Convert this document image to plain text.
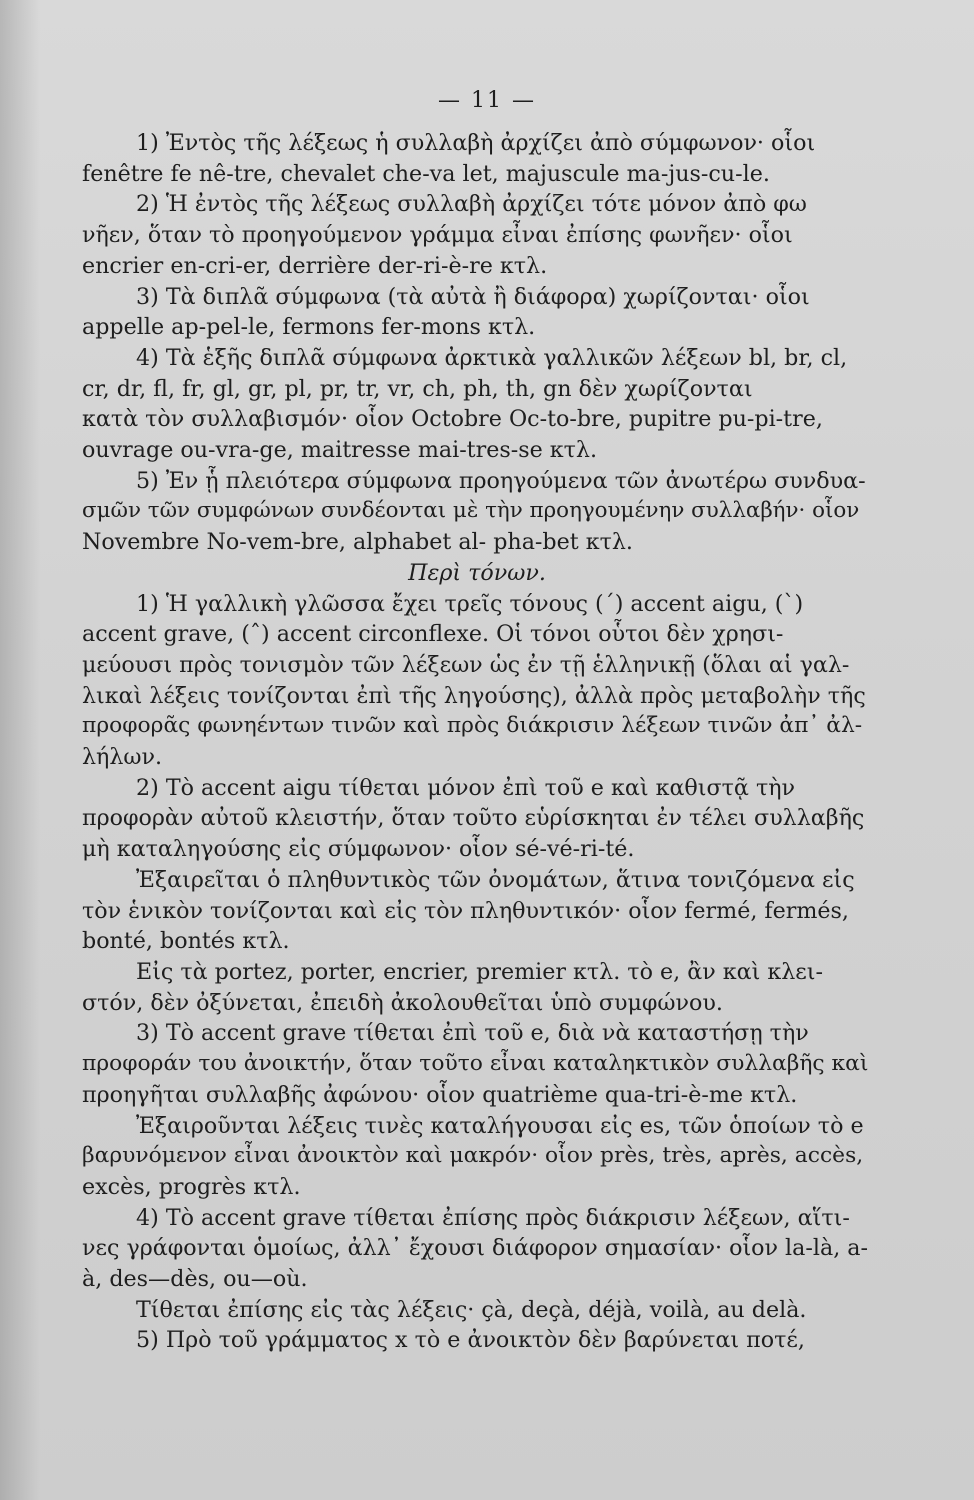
— 11 —
1) Ἐντὸς τῆς λέξεως ἡ συλλαβὴ ἀρχίζει ἀπὸ σύμφωνον· οἷοι
fenêtre fe nê-tre, chevalet che-va let, majuscule ma-jus-cu-le.
2) Ἡ ἐντὸς τῆς λέξεως συλλαβὴ ἀρχίζει τότε μόνον ἀπὸ φω
νῆεν, ὅταν τὸ προηγούμενον γράμμα εἶναι ἐπίσης φωνῆεν· οἷοι
encrier en-cri-er, derrière der-ri-è-re κτλ.
3) Τὰ διπλᾶ σύμφωνα (τὰ αὐτὰ ἢ διάφορα) χωρίζονται· οἷοι
appelle ap-pel-le, fermons fer-mons κτλ.
4) Τὰ ἑξῆς διπλᾶ σύμφωνα ἀρκτικὰ γαλλικῶν λέξεων bl, br, cl,
cr, dr, fl, fr, gl, gr, pl, pr, tr, vr, ch, ph, th, gn δὲν χωρίζονται
κατὰ τὸν συλλαβισμόν· οἷον Octobre Oc-to-bre, pupitre pu-pi-tre,
ouvrage ou-vra-ge, maitresse mai-tres-se κτλ.
5) Ἐν ᾗ πλειότερα σύμφωνα προηγούμενα τῶν ἀνωτέρω συνδυα-
σμῶν τῶν συμφώνων συνδέονται μὲ τὴν προηγουμένην συλλαβήν· οἷον
Novembre No-vem-bre, alphabet al- pha-bet κτλ.
Περὶ τόνων.
1) Ἡ γαλλικὴ γλῶσσα ἔχει τρεῖς τόνους (´) accent aigu, (`)
accent grave, (ˆ) accent circonflexe. Οἱ τόνοι οὗτοι δὲν χρησι-
μεύουσι πρὸς τονισμὸν τῶν λέξεων ὡς ἐν τῇ ἑλληνικῇ (ὅλαι αἱ γαλ-
λικαὶ λέξεις τονίζονται ἐπὶ τῆς ληγούσης), ἀλλὰ πρὸς μεταβολὴν τῆς
προφορᾶς φωνηέντων τινῶν καὶ πρὸς διάκρισιν λέξεων τινῶν ἀπ᾽ ἀλ-
λήλων.
2) Τὸ accent aigu τίθεται μόνον ἐπὶ τοῦ e καὶ καθιστᾷ τὴν
προφορὰν αὐτοῦ κλειστήν, ὅταν τοῦτο εὑρίσκηται ἐν τέλει συλλαβῆς
μὴ καταληγούσης εἰς σύμφωνον· οἷον sé-vé-ri-té.
Ἐξαιρεῖται ὁ πληθυντικὸς τῶν ὀνομάτων, ἅτινα τονιζόμενα εἰς
τὸν ἑνικὸν τονίζονται καὶ εἰς τὸν πληθυντικόν· οἷον fermé, fermés,
bonté, bontés κτλ.
Εἰς τὰ portez, porter, encrier, premier κτλ. τὸ e, ἂν καὶ κλει-
στόν, δὲν ὀξύνεται, ἐπειδὴ ἀκολουθεῖται ὑπὸ συμφώνου.
3) Τὸ accent grave τίθεται ἐπὶ τοῦ e, διὰ νὰ καταστήσῃ τὴν
προφοράν του ἀνοικτήν, ὅταν τοῦτο εἶναι καταληκτικὸν συλλαβῆς καὶ
προηγῆται συλλαβῆς ἀφώνου· οἷον quatrième qua-tri-è-me κτλ.
Ἐξαιροῦνται λέξεις τινὲς καταλήγουσαι εἰς es, τῶν ὁποίων τὸ e
βαρυνόμενον εἶναι ἀνοικτὸν καὶ μακρόν· οἷον près, très, après, accès,
excès, progrès κτλ.
4) Τὸ accent grave τίθεται ἐπίσης πρὸς διάκρισιν λέξεων, αἵτι-
νες γράφονται ὁμοίως, ἀλλ᾽ ἔχουσι διάφορον σημασίαν· οἷον la-là, a-
à, des—dès, ou—où.
Τίθεται ἐπίσης εἰς τὰς λέξεις· çà, deçà, déjà, voilà, au delà.
5) Πρὸ τοῦ γράμματος x τὸ e ἀνοικτὸν δὲν βαρύνεται ποτέ,
